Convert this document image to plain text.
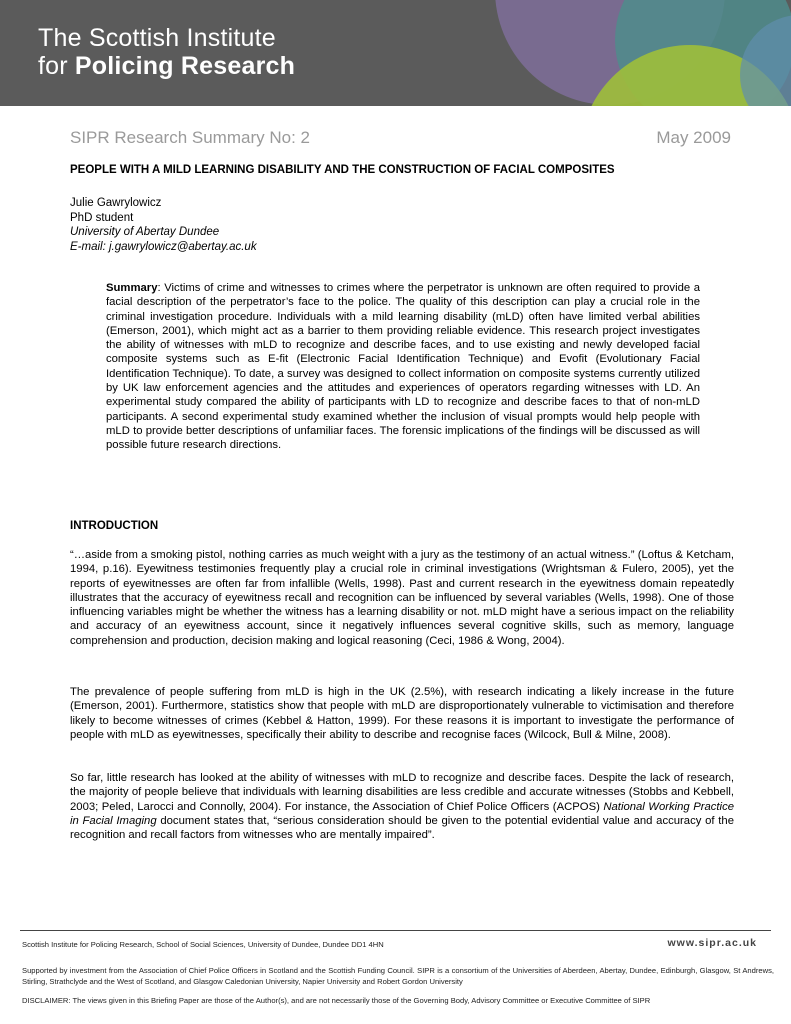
The Scottish Institute
for Policing Research
SIPR Research Summary No: 2	May 2009
PEOPLE WITH A MILD LEARNING DISABILITY AND THE CONSTRUCTION OF FACIAL COMPOSITES
Julie Gawrylowicz
PhD student
University of Abertay Dundee
E-mail: j.gawrylowicz@abertay.ac.uk
Summary: Victims of crime and witnesses to crimes where the perpetrator is unknown are often required to provide a facial description of the perpetrator’s face to the police. The quality of this description can play a crucial role in the criminal investigation procedure. Individuals with a mild learning disability (mLD) often have limited verbal abilities (Emerson, 2001), which might act as a barrier to them providing reliable evidence. This research project investigates the ability of witnesses with mLD to recognize and describe faces, and to use existing and newly developed facial composite systems such as E-fit (Electronic Facial Identification Technique) and Evofit (Evolutionary Facial Identification Technique). To date, a survey was designed to collect information on composite systems currently utilized by UK law enforcement agencies and the attitudes and experiences of operators regarding witnesses with LD. An experimental study compared the ability of participants with LD to recognize and describe faces to that of non-mLD participants. A second experimental study examined whether the inclusion of visual prompts would help people with mLD to provide better descriptions of unfamiliar faces. The forensic implications of the findings will be discussed as will possible future research directions.
INTRODUCTION
“…aside from a smoking pistol, nothing carries as much weight with a jury as the testimony of an actual witness.” (Loftus & Ketcham, 1994, p.16). Eyewitness testimonies frequently play a crucial role in criminal investigations (Wrightsman & Fulero, 2005), yet the reports of eyewitnesses are often far from infallible (Wells, 1998). Past and current research in the eyewitness domain repeatedly illustrates that the accuracy of eyewitness recall and recognition can be influenced by several variables (Wells, 1998). One of those influencing variables might be whether the witness has a learning disability or not. mLD might have a serious impact on the reliability and accuracy of an eyewitness account, since it negatively influences several cognitive skills, such as memory, language comprehension and production, decision making and logical reasoning (Ceci, 1986 & Wong, 2004).
The prevalence of people suffering from mLD is high in the UK (2.5%), with research indicating a likely increase in the future (Emerson, 2001). Furthermore, statistics show that people with mLD are disproportionately vulnerable to victimisation and therefore likely to become witnesses of crimes (Kebbel & Hatton, 1999). For these reasons it is important to investigate the performance of people with mLD as eyewitnesses, specifically their ability to describe and recognise faces (Wilcock, Bull & Milne, 2008).
So far, little research has looked at the ability of witnesses with mLD to recognize and describe faces. Despite the lack of research, the majority of people believe that individuals with learning disabilities are less credible and accurate witnesses (Stobbs and Kebbell, 2003; Peled, Larocci and Connolly, 2004). For instance, the Association of Chief Police Officers (ACPOS) National Working Practice in Facial Imaging document states that, “serious consideration should be given to the potential evidential value and accuracy of the recognition and recall factors from witnesses who are mentally impaired”.
Scottish Institute for Policing Research, School of Social Sciences, University of Dundee, Dundee DD1 4HN	www.sipr.ac.uk
Supported by investment from the Association of Chief Police Officers in Scotland and the Scottish Funding Council. SIPR is a consortium of the Universities of Aberdeen, Abertay, Dundee, Edinburgh, Glasgow, St Andrews, Stirling, Strathclyde and the West of Scotland, and Glasgow Caledonian University, Napier University and Robert Gordon University
DISCLAIMER: The views given in this Briefing Paper are those of the Author(s), and are not necessarily those of the Governing Body, Advisory Committee or Executive Committee of SIPR
